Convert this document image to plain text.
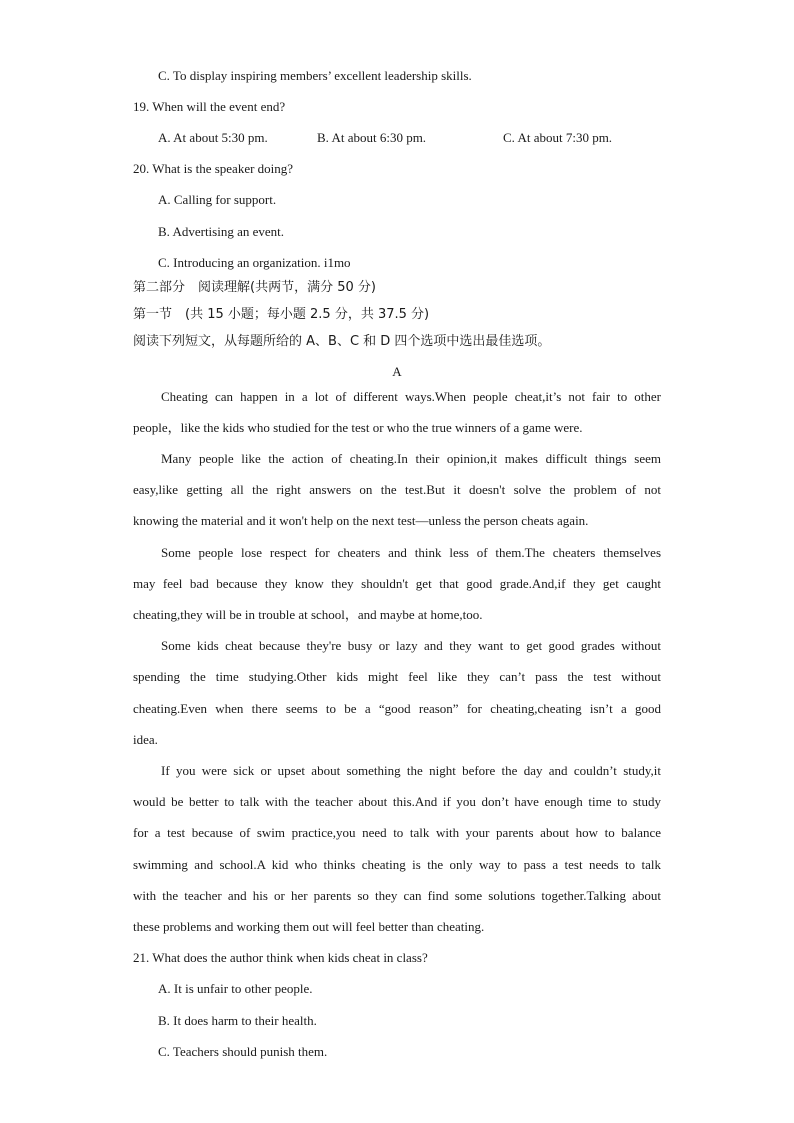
C. To display inspiring members’ excellent leadership skills.
19. When will the event end?
A. At about 5:30 pm.	B. At about 6:30 pm.	C. At about 7:30 pm.
20. What is the speaker doing?
A. Calling for support.
B. Advertising an event.
C. Introducing an organization. i1mo
第二部分　阅读理解(共两节，满分 50 分)
第一节　(共 15 小题；每小题 2.5 分，共 37.5 分)
阅读下列短文，从每题所给的 A、B、C 和 D 四个选项中选出最佳选项。
A
Cheating can happen in a lot of different ways.When people cheat,it’s not fair to other
people，like the kids who studied for the test or who the true winners of a game were.
Many people like the action of cheating.In their opinion,it makes difficult things seem
easy,like getting all the right answers on the test.But it doesn't solve the problem of not
knowing the material and it won't help on the next test—unless the person cheats again.
Some people lose respect for cheaters and think less of them.The cheaters themselves
may feel bad because they know they shouldn't get that good grade.And,if they get caught
cheating,they will be in trouble at school，and maybe at home,too.
Some kids cheat because they're busy or lazy and they want to get good grades without
spending the time studying.Other kids might feel like they can’t pass the test without
cheating.Even when there seems to be a “good reason” for cheating,cheating isn’t a good
idea.
If you were sick or upset about something the night before the day and couldn’t study,it
would be better to talk with the teacher about this.And if you don’t have enough time to study
for a test because of swim practice,you need to talk with your parents about how to balance
swimming and school.A kid who thinks cheating is the only way to pass a test needs to talk
with the teacher and his or her parents so they can find some solutions together.Talking about
these problems and working them out will feel better than cheating.
21. What does the author think when kids cheat in class?
A. It is unfair to other people.
B. It does harm to their health.
C. Teachers should punish them.
